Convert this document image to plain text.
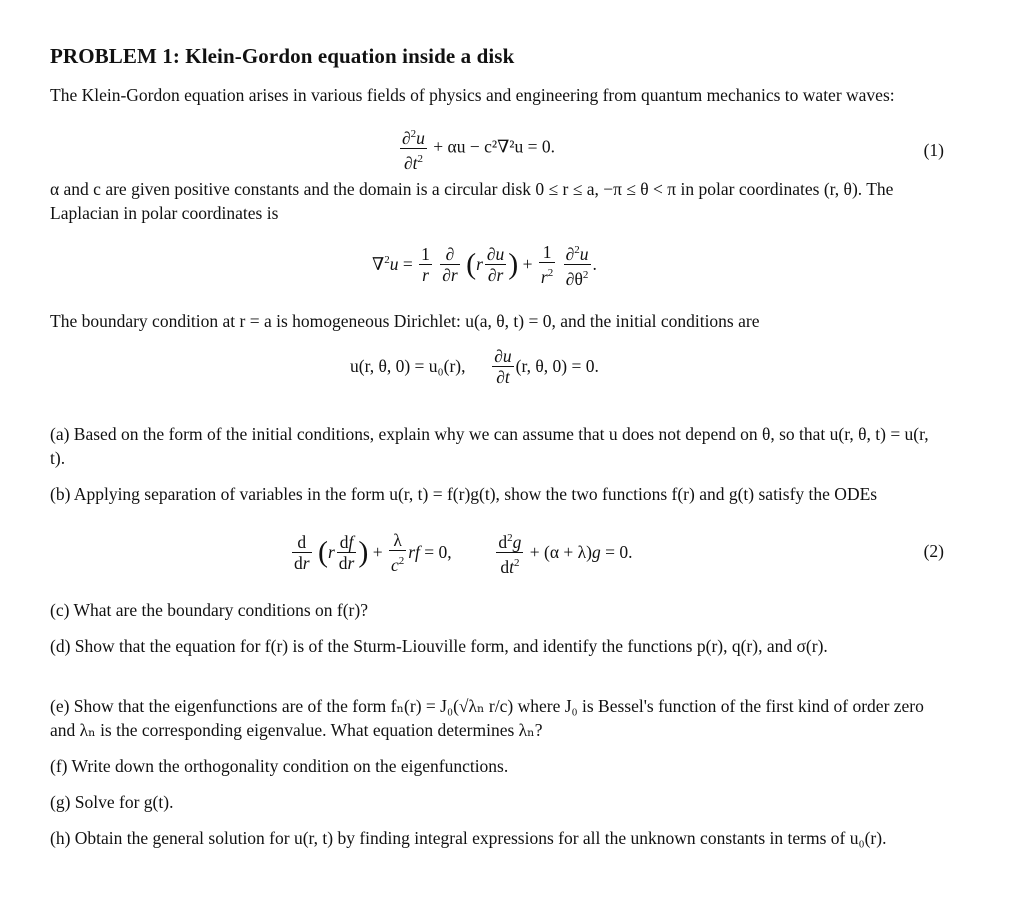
PROBLEM 1: Klein-Gordon equation inside a disk
The Klein-Gordon equation arises in various fields of physics and engineering from quantum mechanics to water waves:
$\frac{\partial^2u}{\partial t^2} + \alpha u - c^2\nabla^2u = 0$.	(1)
α and c are given positive constants and the domain is a circular disk 0 ≤ r ≤ a, −π ≤ θ < π in polar coordinates (r, θ). The Laplacian in polar coordinates is
$\nabla^2u = \frac{1}{r}$
$\frac{\partial}{\partial r} (r \frac{\partial u}{\partial r}$ ) + $\frac{1}{r^2}$
$\frac{\partial^2u}{\partial\theta^2}$ .
The boundary condition at r = a is homogeneous Dirichlet: u(a, θ, t) = 0, and the initial conditions are
u(r, θ, 0) = u₀(r), $\frac{\partial u}{\partial t} (r$, θ, 0) = 0.
(a) Based on the form of the initial conditions, explain why we can assume that u does not depend on θ, so that u(r, θ, t) = u(r, t).
(b) Applying separation of variables in the form u(r, t) = f(r)g(t), show the two functions f(r) and g(t) satisfy the ODEs
$\frac{d}{dr} (r \frac{df}{dr}$ ) + $\frac{\lambda}{c^2}$ rf = 0,	$\frac{d^2g}{dt^2} + (\alpha + \lambda)g = 0$.	(2)
(c) What are the boundary conditions on f(r)?
(d) Show that the equation for f(r) is of the Sturm-Liouville form, and identify the functions p(r), q(r), and σ(r).
(e) Show that the eigenfunctions are of the form fₙ(r) = J₀(√λₙ r/c) where J₀ is Bessel's function of the first kind of order zero and λₙ is the corresponding eigenvalue. What equation determines λₙ?
(f) Write down the orthogonality condition on the eigenfunctions.
(g) Solve for g(t).
(h) Obtain the general solution for u(r, t) by finding integral expressions for all the unknown constants in terms of u₀(r).
